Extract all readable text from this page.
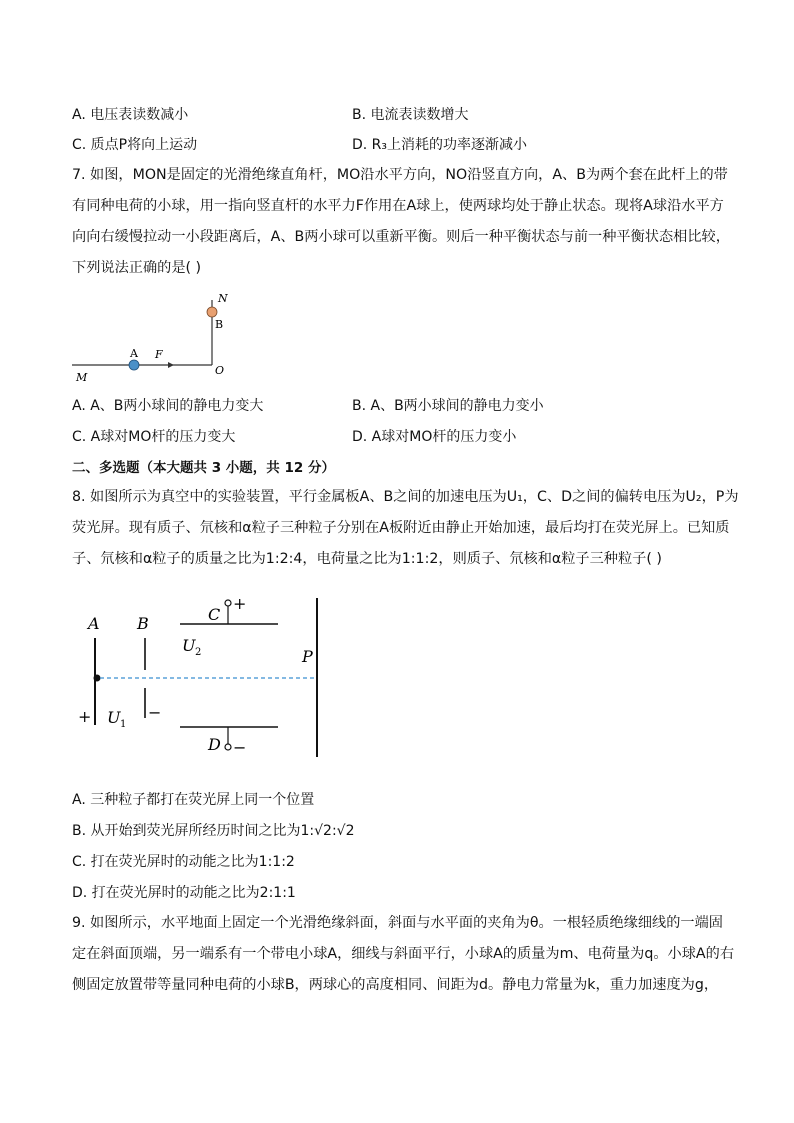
A. 电压表读数减小	B. 电流表读数增大
C. 质点P将向上运动	D. R₃上消耗的功率逐渐减小
7. 如图，MON是固定的光滑绝缘直角杆，MO沿水平方向，NO沿竖直方向，A、B为两个套在此杆上的带
有同种电荷的小球，用一指向竖直杆的水平力F作用在A球上，使两球均处于静止状态。现将A球沿水平方
向向右缓慢拉动一小段距离后，A、B两小球可以重新平衡。则后一种平衡状态与前一种平衡状态相比较，
下列说法正确的是( )
N
B
A F
O
M
A. A、B两小球间的静电力变大	B. A、B两小球间的静电力变小
C. A球对MO杆的压力变大	D. A球对MO杆的压力变小
二、多选题（本大题共 3 小题，共 12 分）
8. 如图所示为真空中的实验装置，平行金属板A、B之间的加速电压为U₁，C、D之间的偏转电压为U₂，P为
荧光屏。现有质子、氘核和α粒子三种粒子分别在A板附近由静止开始加速，最后均打在荧光屏上。已知质
子、氘核和α粒子的质量之比为1:2:4，电荷量之比为1:1:2，则质子、氘核和α粒子三种粒子( )
A B	C
+
U 2	P
+ U 1
−
D −
A. 三种粒子都打在荧光屏上同一个位置
B. 从开始到荧光屏所经历时间之比为1:√2:√2
C. 打在荧光屏时的动能之比为1:1:2
D. 打在荧光屏时的动能之比为2:1:1
9. 如图所示，水平地面上固定一个光滑绝缘斜面，斜面与水平面的夹角为θ。一根轻质绝缘细线的一端固
定在斜面顶端，另一端系有一个带电小球A，细线与斜面平行，小球A的质量为m、电荷量为q。小球A的右
侧固定放置带等量同种电荷的小球B，两球心的高度相同、间距为d。静电力常量为k，重力加速度为g，
